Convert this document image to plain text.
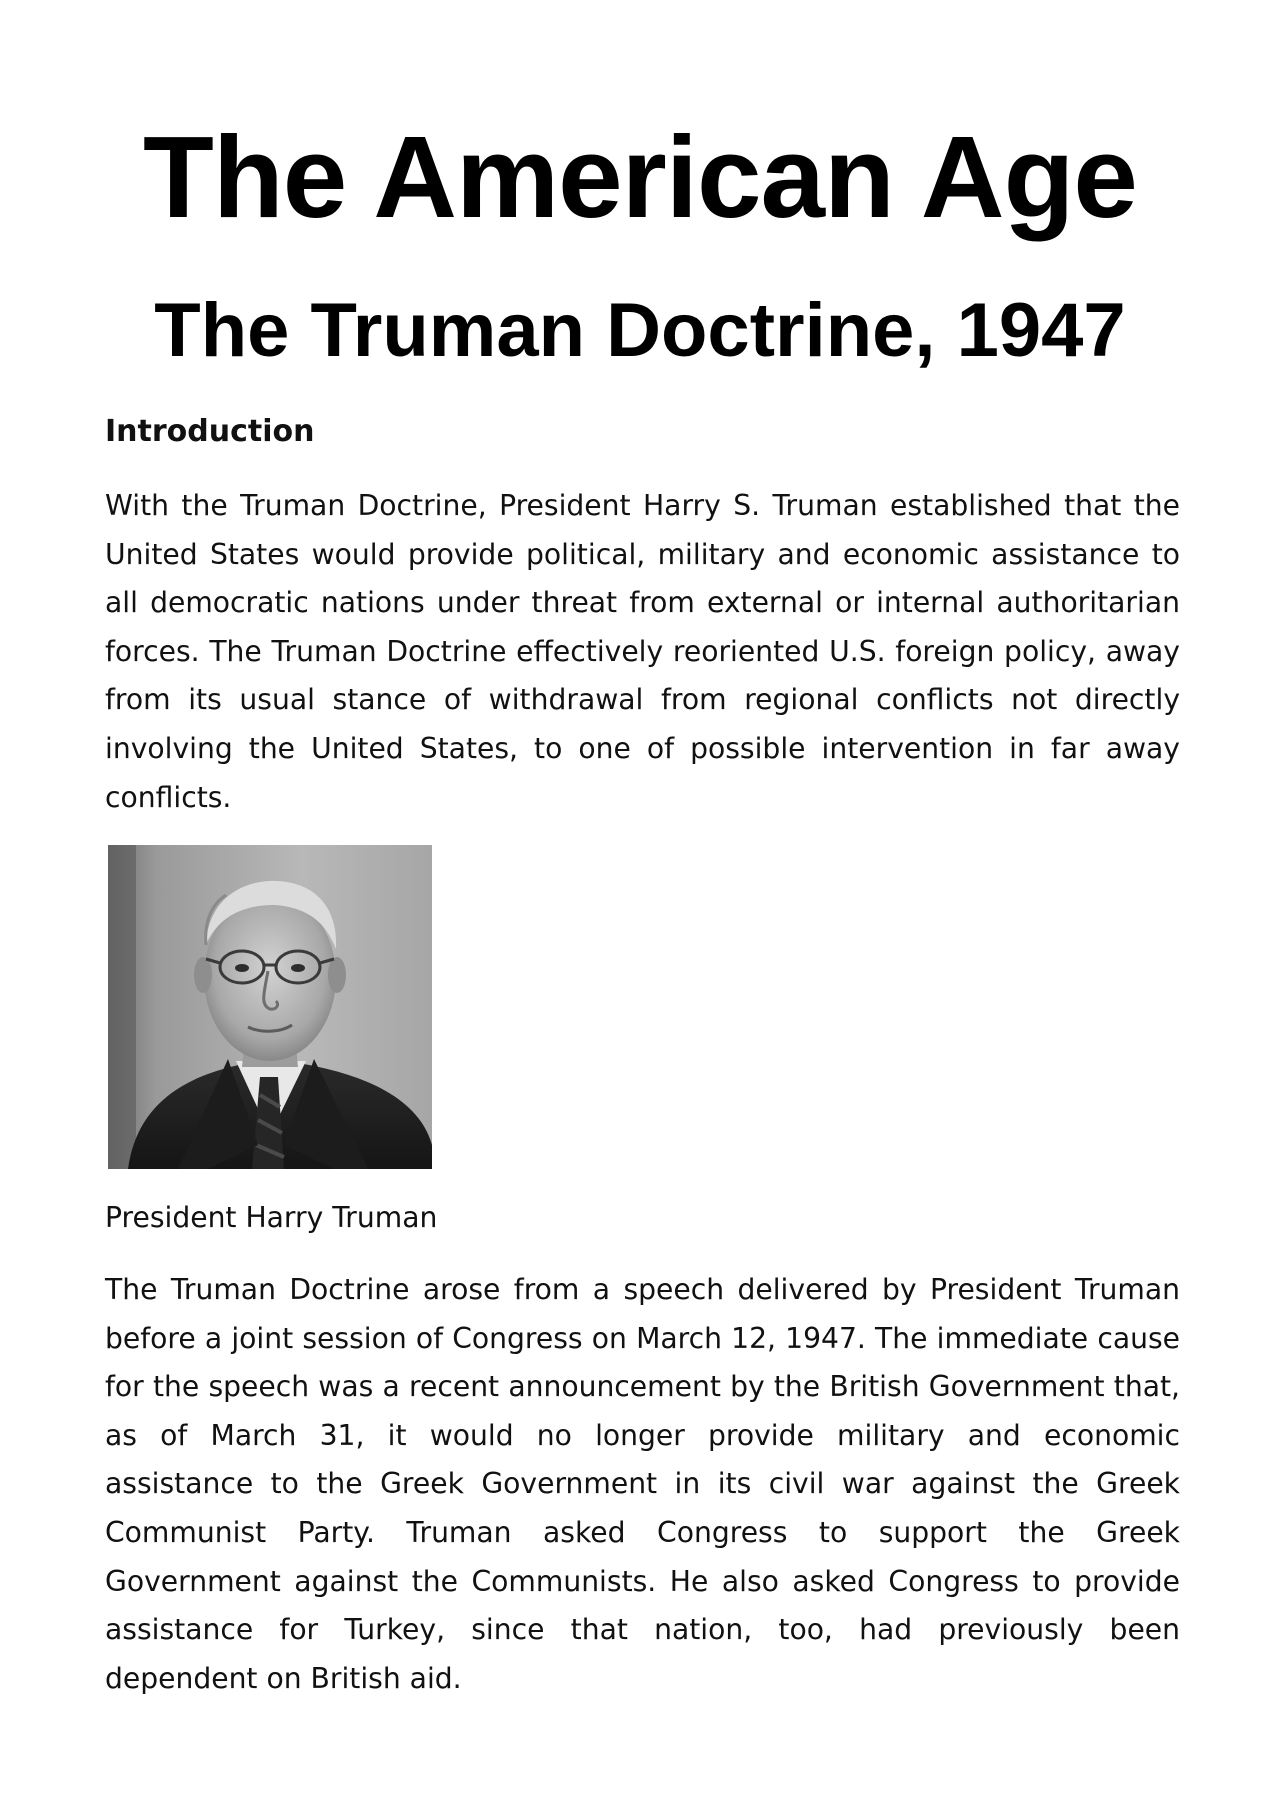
The American Age
The Truman Doctrine, 1947
Introduction

With the Truman Doctrine, President Harry S. Truman established that the United States would provide political, military and economic assistance to all democratic nations under threat from external or internal authoritarian forces. The Truman Doctrine effectively reoriented U.S. foreign policy, away from its usual stance of withdrawal from regional conflicts not directly involving the United States, to one of possible intervention in far away conflicts.

President Harry Truman

The Truman Doctrine arose from a speech delivered by President Truman before a joint session of Congress on March 12, 1947. The immediate cause for the speech was a recent announcement by the British Government that, as of March 31, it would no longer provide military and economic assistance to the Greek Government in its civil war against the Greek Communist Party. Truman asked Congress to support the Greek Government against the Communists. He also asked Congress to provide assistance for Turkey, since that nation, too, had previously been dependent on British aid.
